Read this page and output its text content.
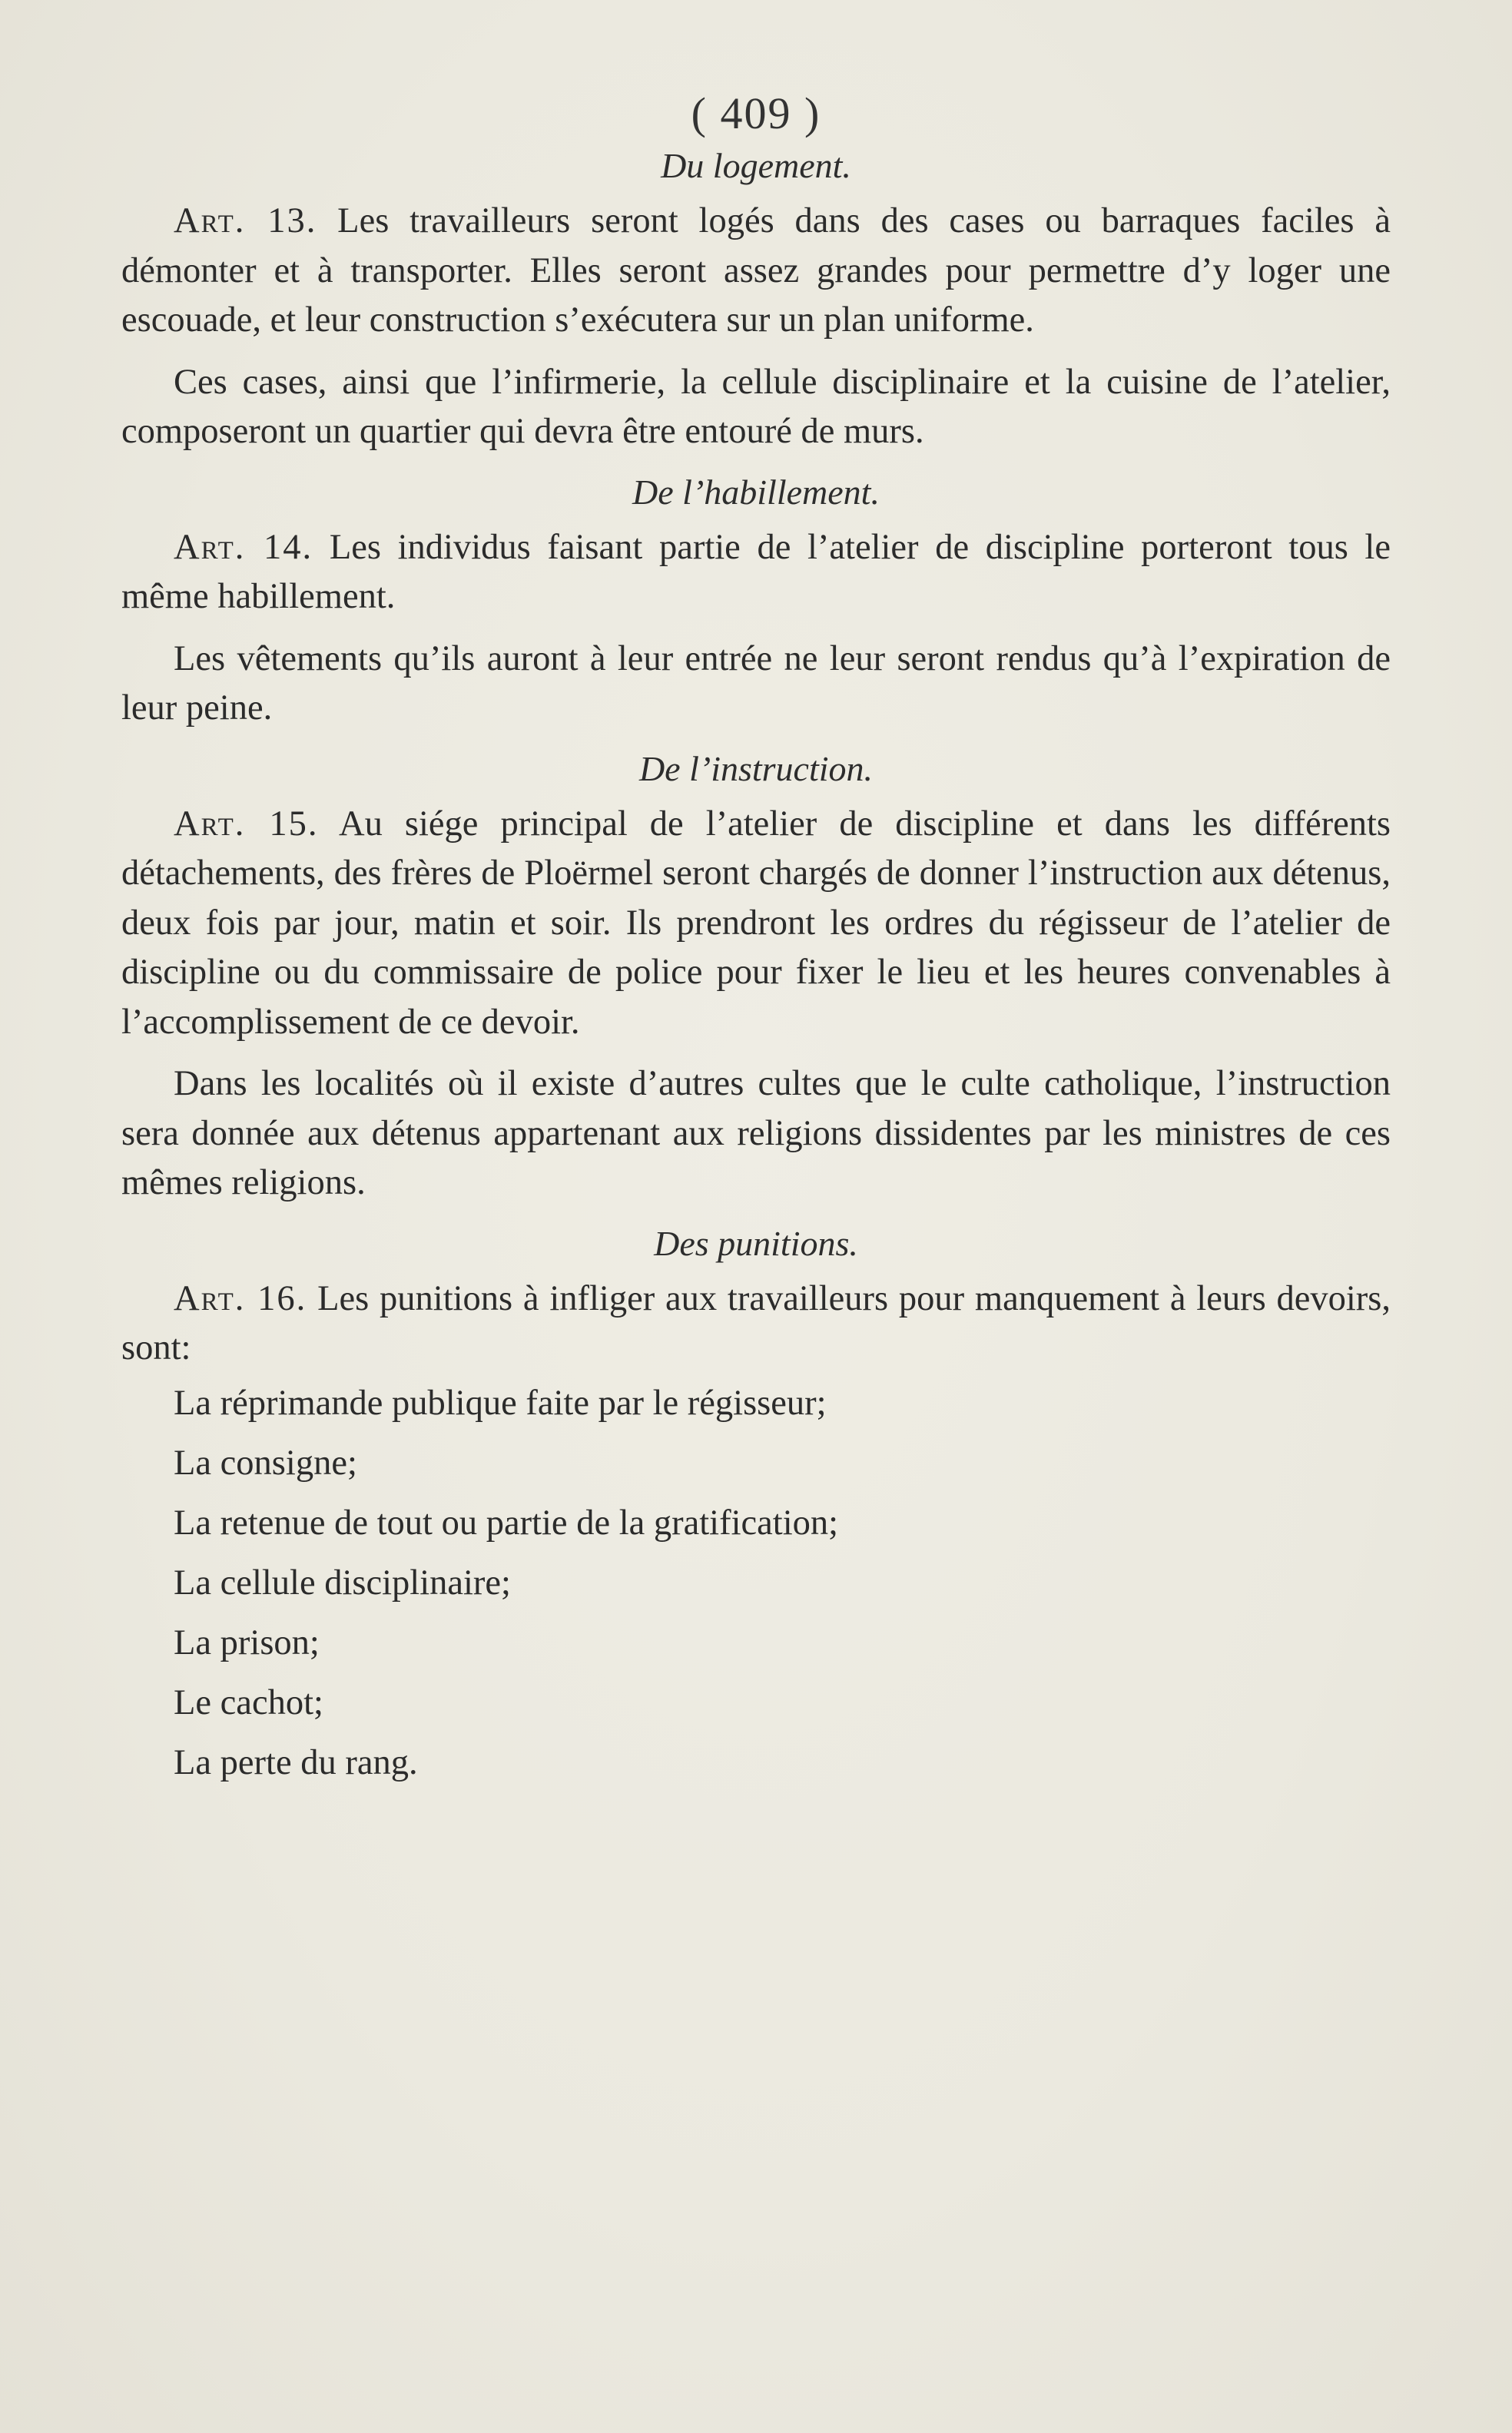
( 409 )
Du logement.

Art. 13. Les travailleurs seront logés dans des cases ou barraques faciles à démonter et à transporter. Elles seront assez grandes pour permettre d’y loger une escouade, et leur construction s’exécutera sur un plan uniforme.

Ces cases, ainsi que l’infirmerie, la cellule disciplinaire et la cuisine de l’atelier, composeront un quartier qui devra être entouré de murs.

De l’habillement.

Art. 14. Les individus faisant partie de l’atelier de discipline porteront tous le même habillement.

Les vêtements qu’ils auront à leur entrée ne leur seront rendus qu’à l’expiration de leur peine.

De l’instruction.

Art. 15. Au siége principal de l’atelier de discipline et dans les différents détachements, des frères de Ploërmel seront chargés de donner l’instruction aux détenus, deux fois par jour, matin et soir. Ils prendront les ordres du régisseur de l’atelier de discipline ou du commissaire de police pour fixer le lieu et les heures convenables à l’accomplissement de ce devoir.

Dans les localités où il existe d’autres cultes que le culte catholique, l’instruction sera donnée aux détenus appartenant aux religions dissidentes par les ministres de ces mêmes religions.

Des punitions.

Art. 16. Les punitions à infliger aux travailleurs pour manquement à leurs devoirs, sont:

La réprimande publique faite par le régisseur;

La consigne;

La retenue de tout ou partie de la gratification;

La cellule disciplinaire;

La prison;

Le cachot;

La perte du rang.
